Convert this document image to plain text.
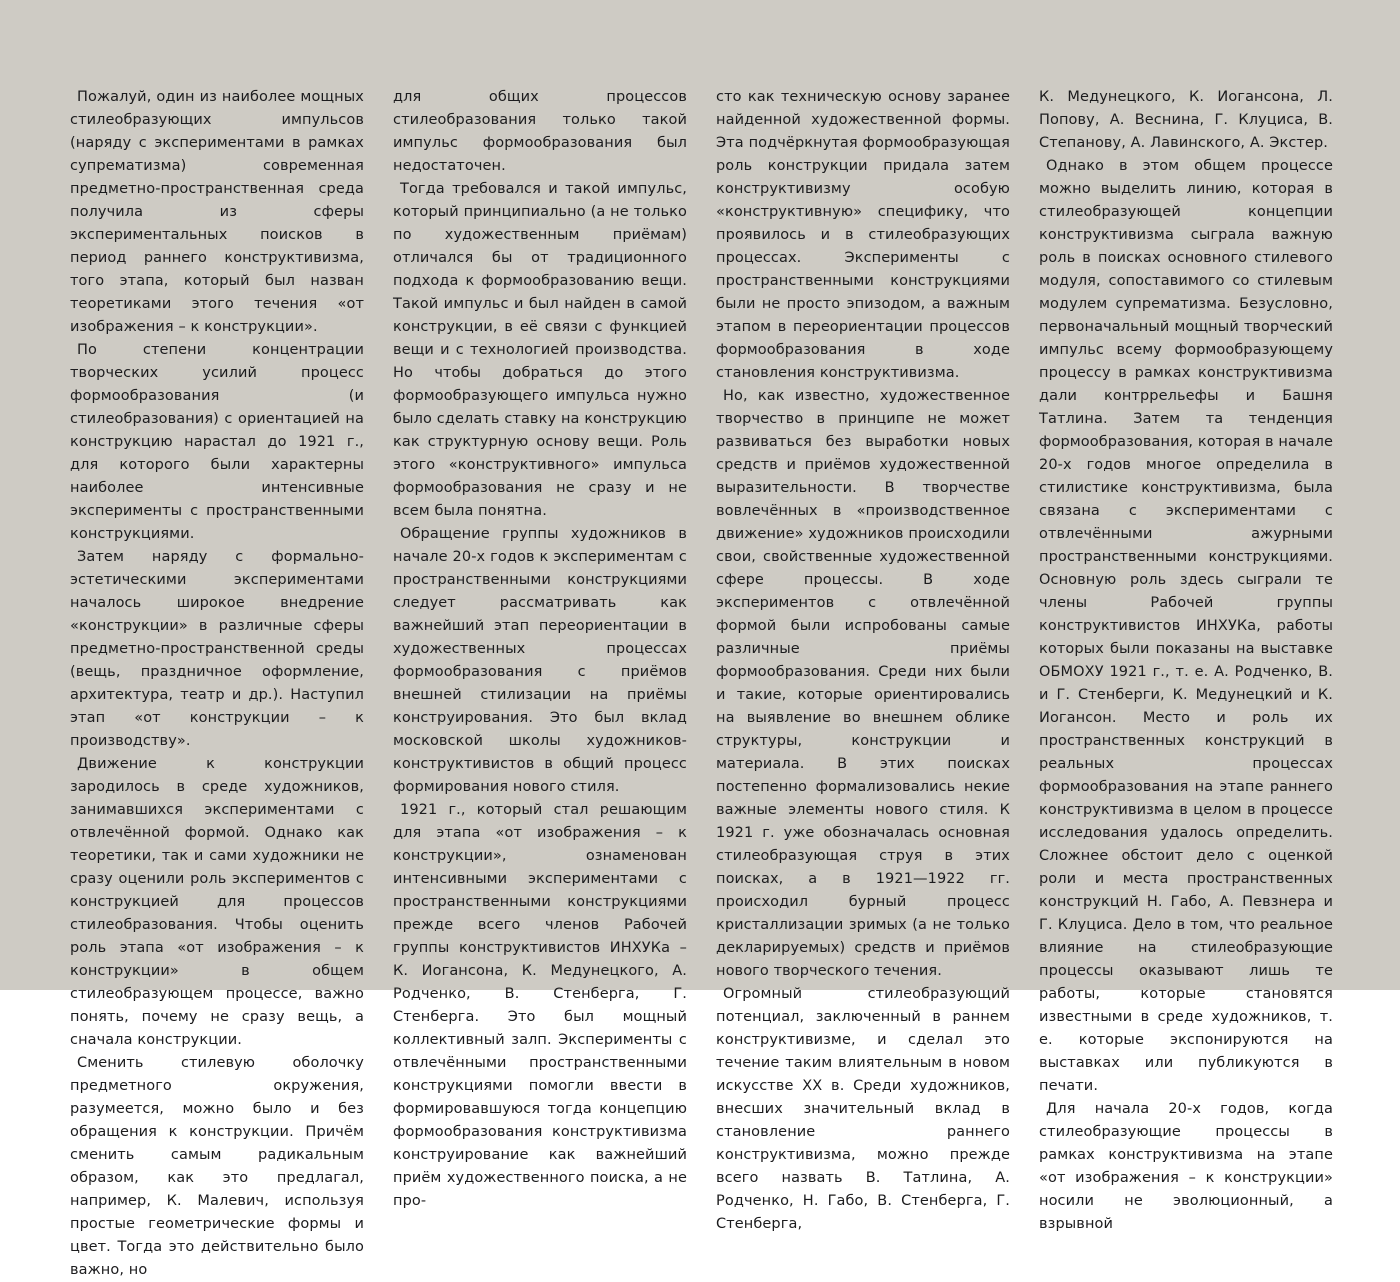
Пожалуй, один из наиболее мощных стилеобразующих импульсов (наряду с экспериментами в рамках супрематизма) современная предметно-пространственная среда получила из сферы экспериментальных поисков в период раннего конструктивизма, того этапа, который был назван теоретиками этого течения «от изображения – к конструкции».

По степени концентрации творческих усилий процесс формообразования (и стилеобразования) с ориентацией на конструкцию нарастал до 1921 г., для которого были характерны наиболее интенсивные эксперименты с пространственными конструкциями.

Затем наряду с формально-эстетическими экспериментами началось широкое внедрение «конструкции» в различные сферы предметно-пространственной среды (вещь, праздничное оформление, архитектура, театр и др.). Наступил этап «от конструкции – к производству».

Движение к конструкции зародилось в среде художников, занимавшихся экспериментами с отвлечённой формой. Однако как теоретики, так и сами художники не сразу оценили роль экспериментов с конструкцией для процессов стилеобразования. Чтобы оценить роль этапа «от изображения – к конструкции» в общем стилеобразующем процессе, важно понять, почему не сразу вещь, а сначала конструкции.

Сменить стилевую оболочку предметного окружения, разумеется, можно было и без обращения к конструкции. Причём сменить самым радикальным образом, как это предлагал, например, К. Малевич, используя простые геометрические формы и цвет. Тогда это действительно было важно, но

для общих процессов стилеобразования только такой импульс формообразования был недостаточен.

Тогда требовался и такой импульс, который принципиально (а не только по художественным приёмам) отличался бы от традиционного подхода к формообразованию вещи. Такой импульс и был найден в самой конструкции, в её связи с функцией вещи и с технологией производства. Но чтобы добраться до этого формообразующего импульса нужно было сделать ставку на конструкцию как структурную основу вещи. Роль этого «конструктивного» импульса формообразования не сразу и не всем была понятна.

Обращение группы художников в начале 20-х годов к экспериментам с пространственными конструкциями следует рассматривать как важнейший этап переориентации в художественных процессах формообразования с приёмов внешней стилизации на приёмы конструирования. Это был вклад московской школы художников-конструктивистов в общий процесс формирования нового стиля.

1921 г., который стал решающим для этапа «от изображения – к конструкции», ознаменован интенсивными экспериментами с пространственными конструкциями прежде всего членов Рабочей группы конструктивистов ИНХУКа – К. Иогансона, К. Медунецкого, А. Родченко, В. Стенберга, Г. Стенберга. Это был мощный коллективный залп. Эксперименты с отвлечёнными пространственными конструкциями помогли ввести в формировавшуюся тогда концепцию формообразования конструктивизма конструирование как важнейший приём художественного поиска, а не про-

сто как техническую основу заранее найденной художественной формы. Эта подчёркнутая формообразующая роль конструкции придала затем конструктивизму особую «конструктивную» специфику, что проявилось и в стилеобразующих процессах. Эксперименты с пространственными конструкциями были не просто эпизодом, а важным этапом в переориентации процессов формообразования в ходе становления конструктивизма.

Но, как известно, художественное творчество в принципе не может развиваться без выработки новых средств и приёмов художественной выразительности. В творчестве вовлечённых в «производственное движение» художников происходили свои, свойственные художественной сфере процессы. В ходе экспериментов с отвлечённой формой были испробованы самые различные приёмы формообразования. Среди них были и такие, которые ориентировались на выявление во внешнем облике структуры, конструкции и материала. В этих поисках постепенно формализовались некие важные элементы нового стиля. К 1921 г. уже обозначалась основная стилеобразующая струя в этих поисках, а в 1921—1922 гг. происходил бурный процесс кристаллизации зримых (а не только декларируемых) средств и приёмов нового творческого течения.

Огромный стилеобразующий потенциал, заключенный в раннем конструктивизме, и сделал это течение таким влиятельным в новом искусстве XX в. Среди художников, внесших значительный вклад в становление раннего конструктивизма, можно прежде всего назвать В. Татлина, А. Родченко, Н. Габо, В. Стенберга, Г. Стенберга,

К. Медунецкого, К. Иогансона, Л. Попову, А. Веснина, Г. Клуциса, В. Степанову, А. Лавинского, А. Экстер.

Однако в этом общем процессе можно выделить линию, которая в стилеобразующей концепции конструктивизма сыграла важную роль в поисках основного стилевого модуля, сопоставимого со стилевым модулем супрематизма. Безусловно, первоначальный мощный творческий импульс всему формообразующему процессу в рамках конструктивизма дали контррельефы и Башня Татлина. Затем та тенденция формообразования, которая в начале 20-х годов многое определила в стилистике конструктивизма, была связана с экспериментами с отвлечёнными ажурными пространственными конструкциями. Основную роль здесь сыграли те члены Рабочей группы конструктивистов ИНХУКа, работы которых были показаны на выставке ОБМОХУ 1921 г., т. е. А. Родченко, В. и Г. Стенберги, К. Медунецкий и К. Иогансон. Место и роль их пространственных конструкций в реальных процессах формообразования на этапе раннего конструктивизма в целом в процессе исследования удалось определить. Сложнее обстоит дело с оценкой роли и места пространственных конструкций Н. Габо, А. Певзнера и Г. Клуциса. Дело в том, что реальное влияние на стилеобразующие процессы оказывают лишь те работы, которые становятся известными в среде художников, т. е. которые экспонируются на выставках или публикуются в печати.

Для начала 20-х годов, когда стилеобразующие процессы в рамках конструктивизма на этапе «от изображения – к конструкции» носили не эволюционный, а взрывной
